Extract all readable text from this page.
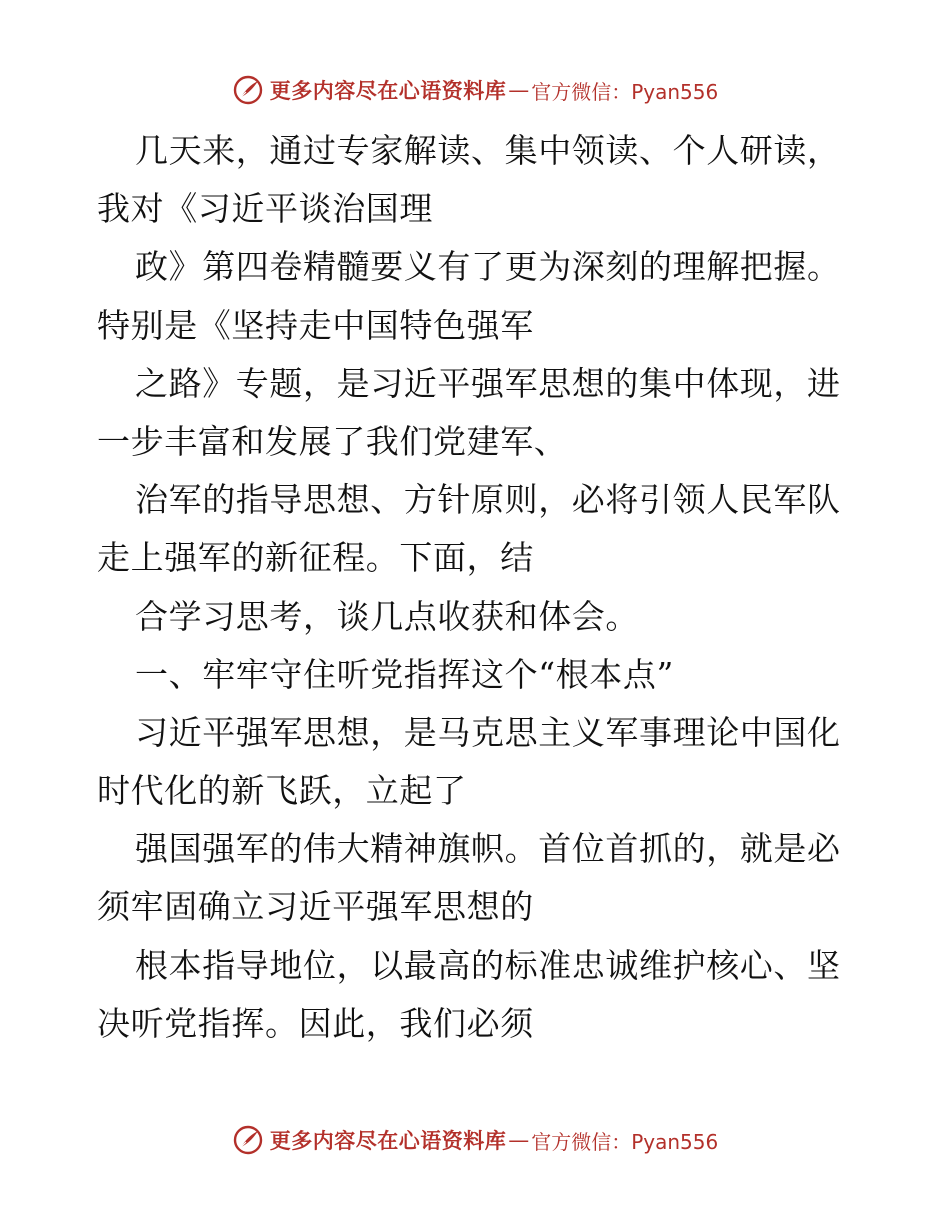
更多内容尽在心语资料库 — 官方微信：Pyan556
几天来，通过专家解读、集中领读、个人研读，
我对《习近平谈治国理
政》第四卷精髓要义有了更为深刻的理解把握。
特别是《坚持走中国特色强军
之路》专题，是习近平强军思想的集中体现，进
一步丰富和发展了我们党建军、
治军的指导思想、方针原则，必将引领人民军队
走上强军的新征程。下面，结
合学习思考，谈几点收获和体会。
一、牢牢守住听党指挥这个“根本点”
习近平强军思想，是马克思主义军事理论中国化
时代化的新飞跃，立起了
强国强军的伟大精神旗帜。首位首抓的，就是必
须牢固确立习近平强军思想的
根本指导地位，以最高的标准忠诚维护核心、坚
决听党指挥。因此，我们必须
更多内容尽在心语资料库 — 官方微信：Pyan556
